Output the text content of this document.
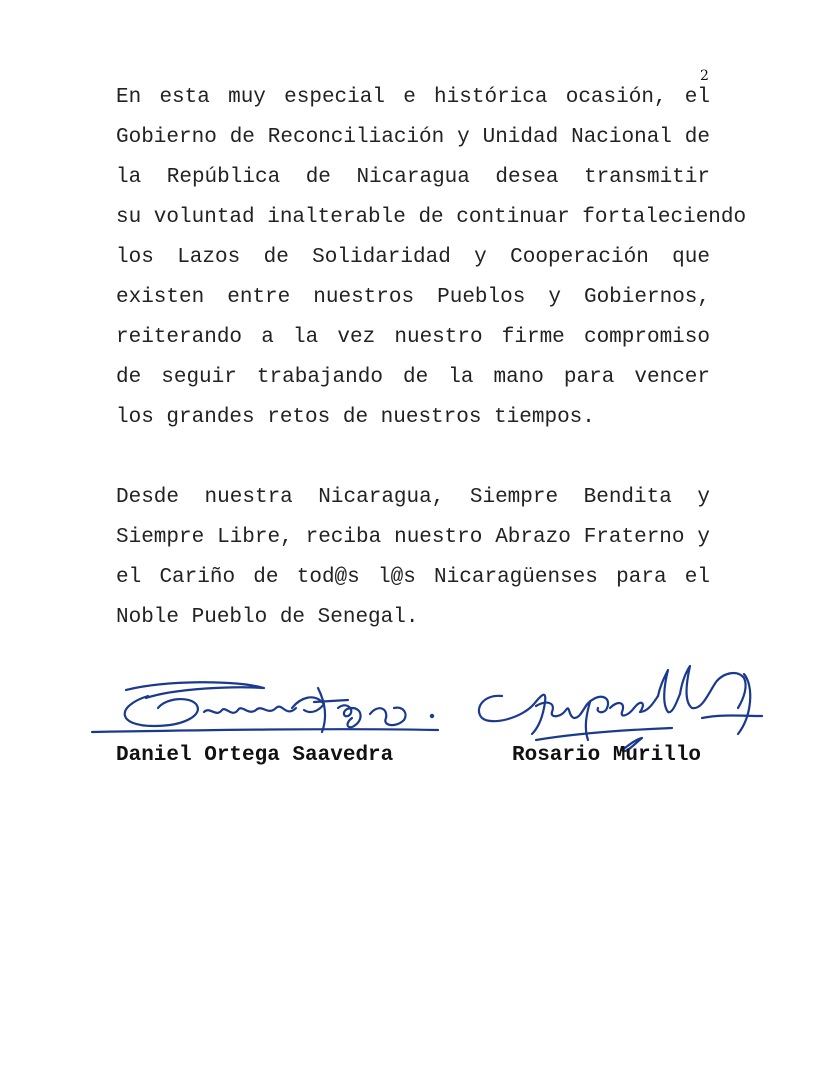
2
En esta muy especial e histórica ocasión, el
Gobierno de Reconciliación y Unidad Nacional de
la República de Nicaragua desea transmitir
su voluntad inalterable de continuar fortaleciendo
los Lazos de Solidaridad y Cooperación que
existen entre nuestros Pueblos y Gobiernos,
reiterando a la vez nuestro firme compromiso
de seguir trabajando de la mano para vencer
los grandes retos de nuestros tiempos.
Desde nuestra Nicaragua, Siempre Bendita y
Siempre Libre, reciba nuestro Abrazo Fraterno y
el Cariño de tod@s l@s Nicaragüenses para el
Noble Pueblo de Senegal.
Daniel Ortega Saavedra	Rosario Murillo
